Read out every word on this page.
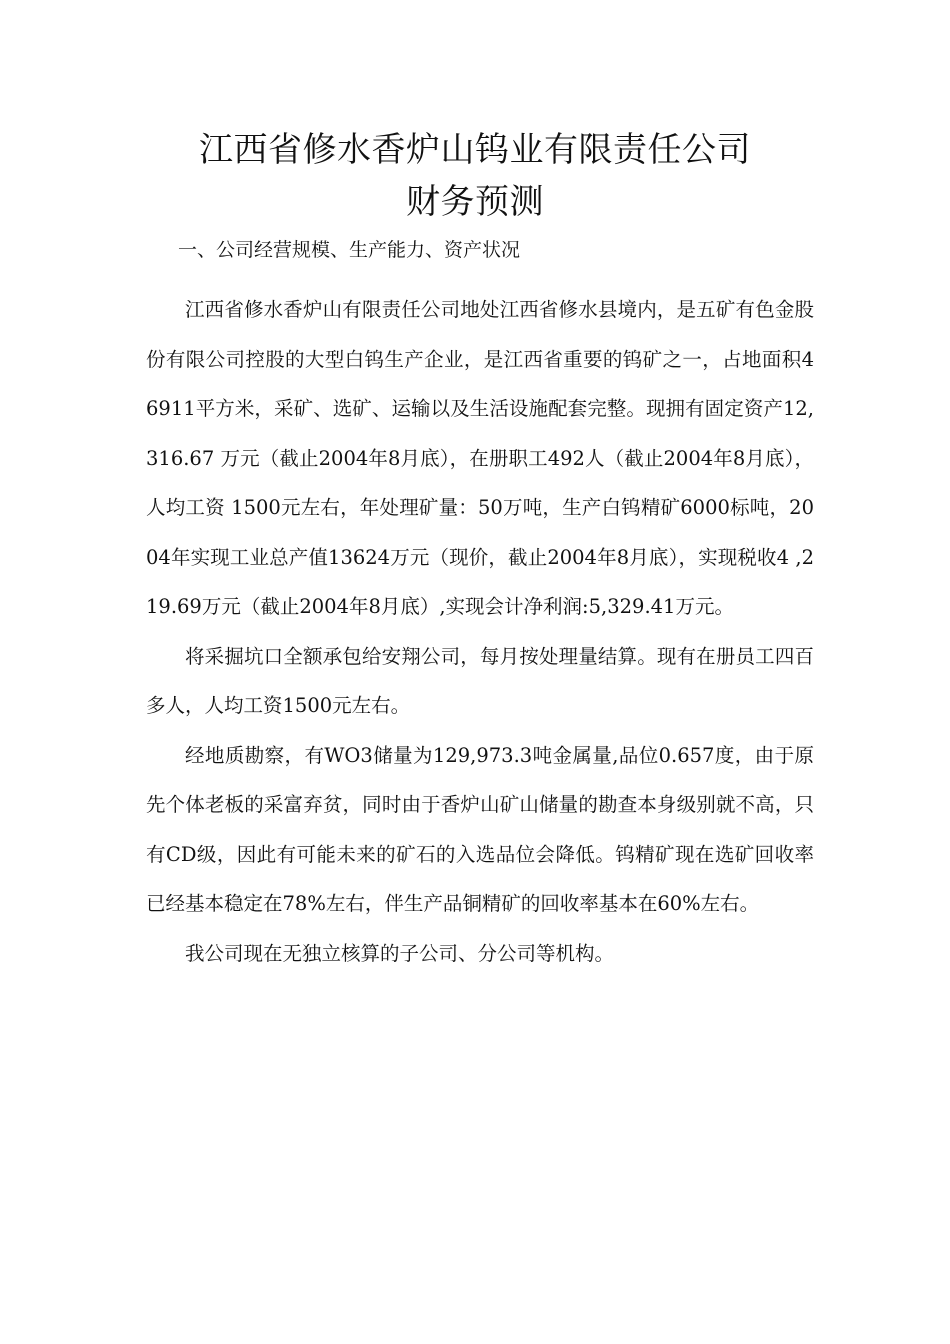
江西省修水香炉山钨业有限责任公司
财务预测
一、公司经营规模、生产能力、资产状况

江西省修水香炉山有限责任公司地处江西省修水县境内，是五矿有色金股份有限公司控股的大型白钨生产企业，是江西省重要的钨矿之一，占地面积46911平方米，采矿、选矿、运输以及生活设施配套完整。现拥有固定资产12,316.67 万元（截止2004年8月底），在册职工492人（截止2004年8月底），人均工资 1500元左右，年处理矿量：50万吨，生产白钨精矿6000标吨，2004年实现工业总产值13624万元（现价，截止2004年8月底），实现税收4 ,219.69万元（截止2004年8月底）,实现会计净利润:5,329.41万元。

将采掘坑口全额承包给安翔公司，每月按处理量结算。现有在册员工四百多人，人均工资1500元左右。

经地质勘察，有WO3储量为129,973.3吨金属量,品位0.657度，由于原先个体老板的采富弃贫，同时由于香炉山矿山储量的勘查本身级别就不高，只有CD级，因此有可能未来的矿石的入选品位会降低。钨精矿现在选矿回收率已经基本稳定在78%左右，伴生产品铜精矿的回收率基本在60%左右。

我公司现在无独立核算的子公司、分公司等机构。
